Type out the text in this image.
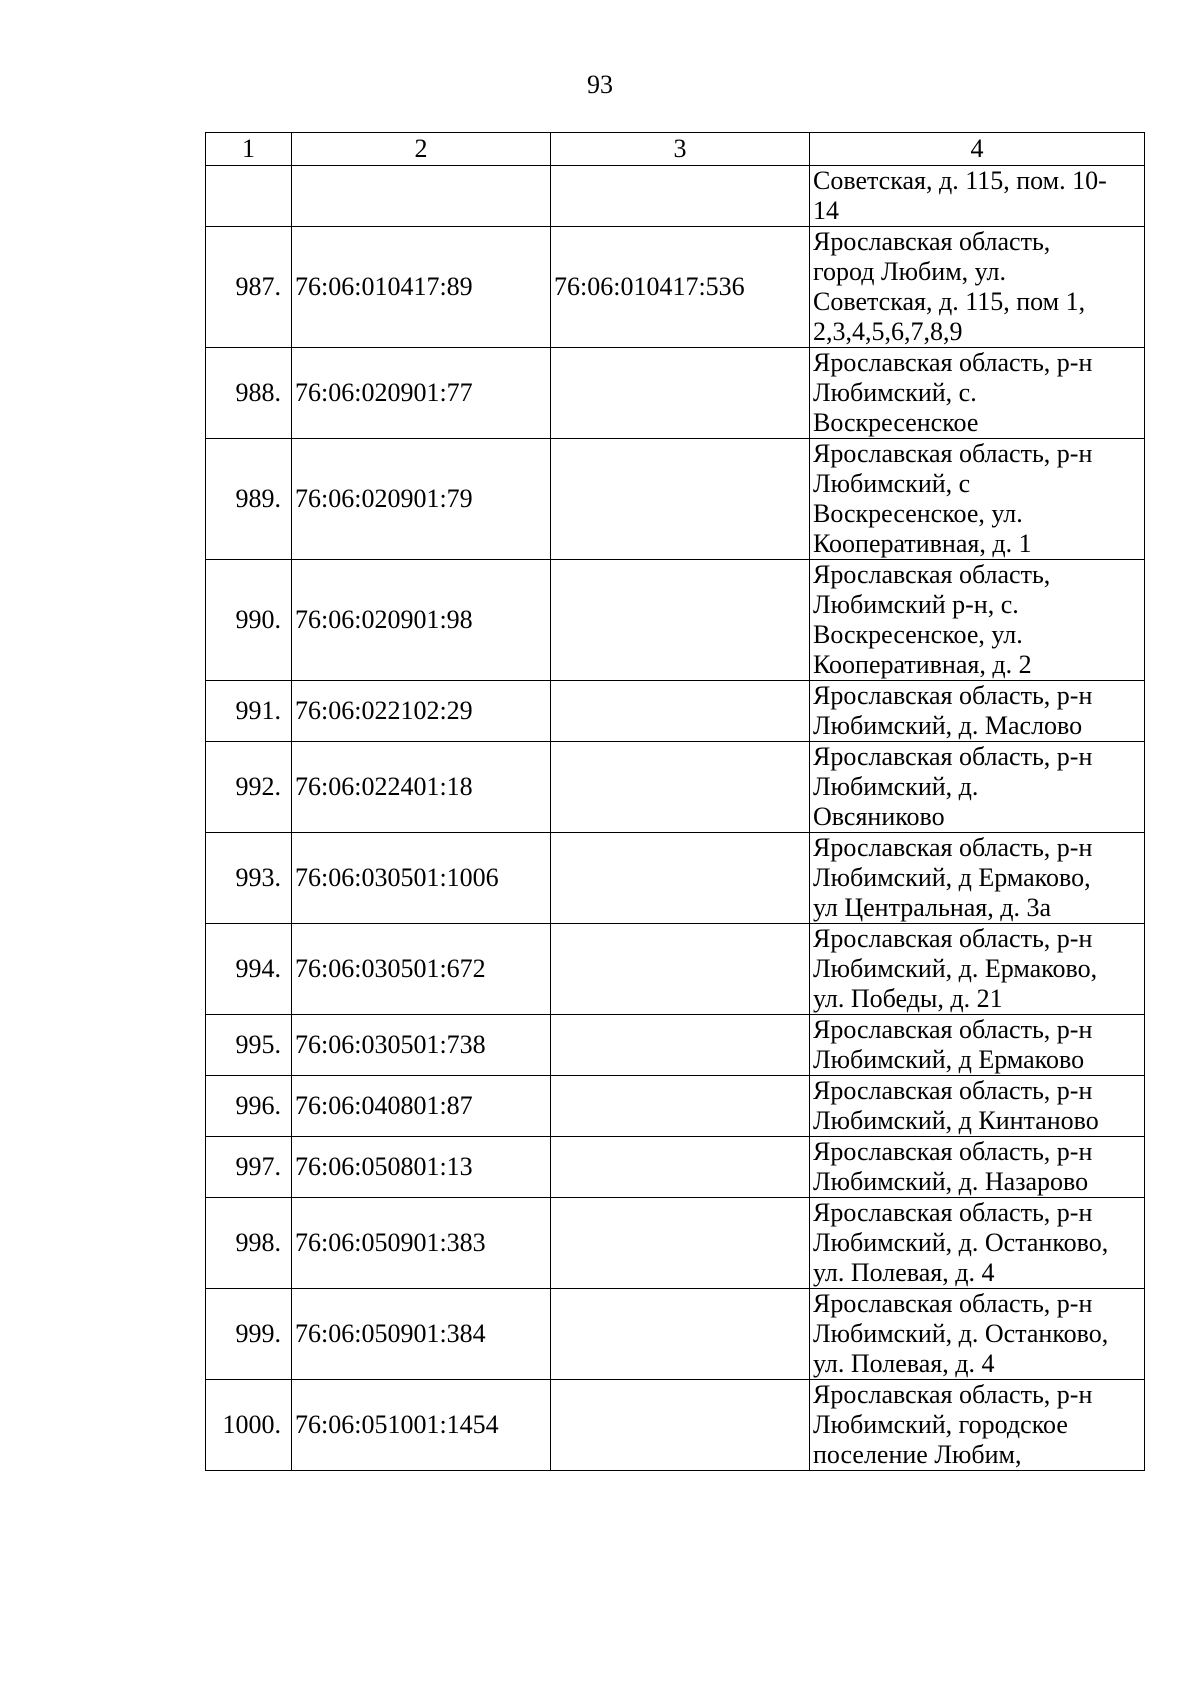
93
1	2	3	4
			Советская, д. 115, пом. 10-
14
987.	76:06:010417:89	76:06:010417:536	Ярославская область,
город Любим, ул.
Советская, д. 115, пом 1,
2,3,4,5,6,7,8,9
988.	76:06:020901:77		Ярославская область, р-н
Любимский, с.
Воскресенское
989.	76:06:020901:79		Ярославская область, р-н
Любимский, с
Воскресенское, ул.
Кооперативная, д. 1
990.	76:06:020901:98		Ярославская область,
Любимский р-н, с.
Воскресенское, ул.
Кооперативная, д. 2
991.	76:06:022102:29		Ярославская область, р-н
Любимский, д. Маслово
992.	76:06:022401:18		Ярославская область, р-н
Любимский, д.
Овсяниково
993.	76:06:030501:1006		Ярославская область, р-н
Любимский, д Ермаково,
ул Центральная, д. 3а
994.	76:06:030501:672		Ярославская область, р-н
Любимский, д. Ермаково,
ул. Победы, д. 21
995.	76:06:030501:738		Ярославская область, р-н
Любимский, д Ермаково
996.	76:06:040801:87		Ярославская область, р-н
Любимский, д Кинтаново
997.	76:06:050801:13		Ярославская область, р-н
Любимский, д. Назарово
998.	76:06:050901:383		Ярославская область, р-н
Любимский, д. Останково,
ул. Полевая, д. 4
999.	76:06:050901:384		Ярославская область, р-н
Любимский, д. Останково,
ул. Полевая, д. 4
1000.	76:06:051001:1454		Ярославская область, р-н
Любимский, городское
поселение Любим,
